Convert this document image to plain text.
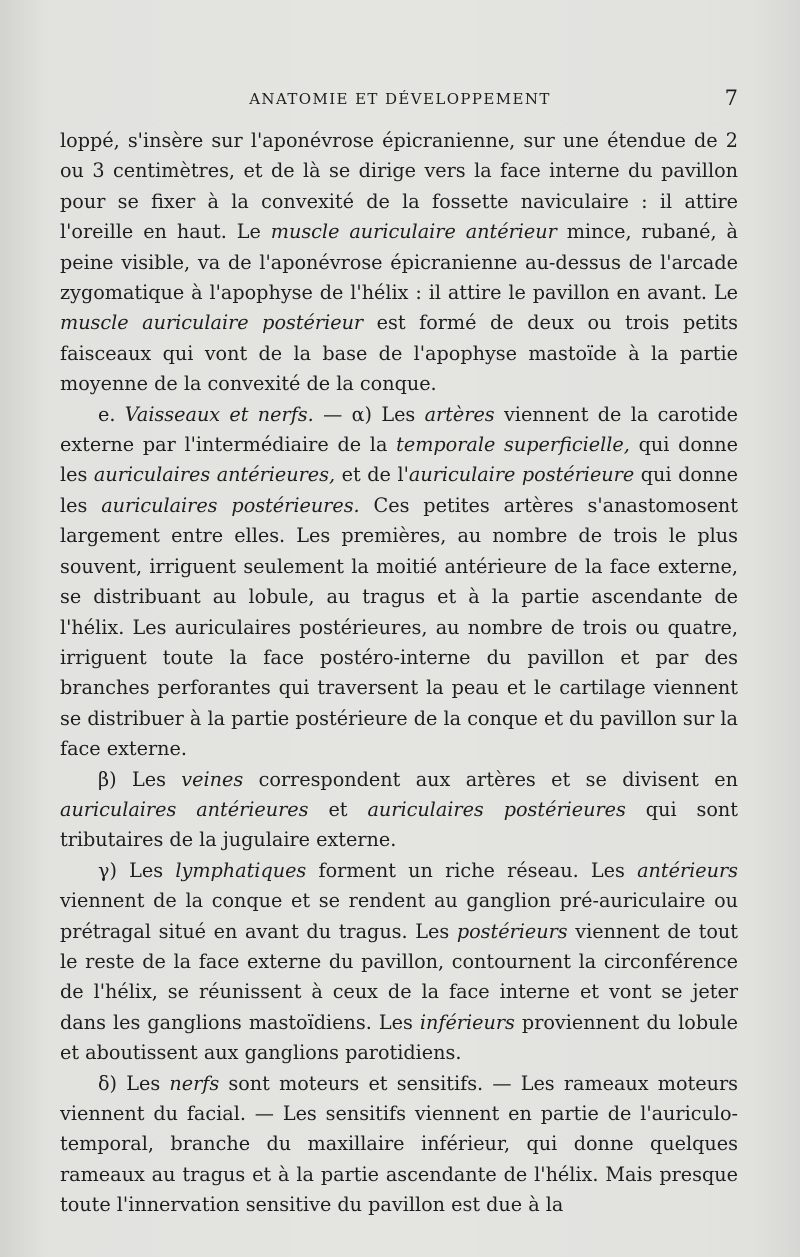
ANATOMIE ET DÉVELOPPEMENT	7

loppé, s'insère sur l'aponévrose épicranienne, sur une étendue de 2 ou 3 centimètres, et de là se dirige vers la face interne du pavillon pour se fixer à la convexité de la fossette naviculaire : il attire l'oreille en haut. Le muscle auriculaire antérieur mince, rubané, à peine visible, va de l'aponévrose épicranienne au-dessus de l'arcade zygomatique à l'apophyse de l'hélix : il attire le pavillon en avant. Le muscle auriculaire postérieur est formé de deux ou trois petits faisceaux qui vont de la base de l'apophyse mastoïde à la partie moyenne de la convexité de la conque.

e. Vaisseaux et nerfs. — α) Les artères viennent de la carotide externe par l'intermédiaire de la temporale superficielle, qui donne les auriculaires antérieures, et de l'auriculaire postérieure qui donne les auriculaires postérieures. Ces petites artères s'anastomosent largement entre elles. Les premières, au nombre de trois le plus souvent, irriguent seulement la moitié antérieure de la face externe, se distribuant au lobule, au tragus et à la partie ascendante de l'hélix. Les auriculaires postérieures, au nombre de trois ou quatre, irriguent toute la face postéro-interne du pavillon et par des branches perforantes qui traversent la peau et le cartilage viennent se distribuer à la partie postérieure de la conque et du pavillon sur la face externe.

β) Les veines correspondent aux artères et se divisent en auriculaires antérieures et auriculaires postérieures qui sont tributaires de la jugulaire externe.

γ) Les lymphatiques forment un riche réseau. Les antérieurs viennent de la conque et se rendent au ganglion pré-auriculaire ou prétragal situé en avant du tragus. Les postérieurs viennent de tout le reste de la face externe du pavillon, contournent la circonférence de l'hélix, se réunissent à ceux de la face interne et vont se jeter dans les ganglions mastoïdiens. Les inférieurs proviennent du lobule et aboutissent aux ganglions parotidiens.

δ) Les nerfs sont moteurs et sensitifs. — Les rameaux moteurs viennent du facial. — Les sensitifs viennent en partie de l'auriculo-temporal, branche du maxillaire inférieur, qui donne quelques rameaux au tragus et à la partie ascendante de l'hélix. Mais presque toute l'innervation sensitive du pavillon est due à la
